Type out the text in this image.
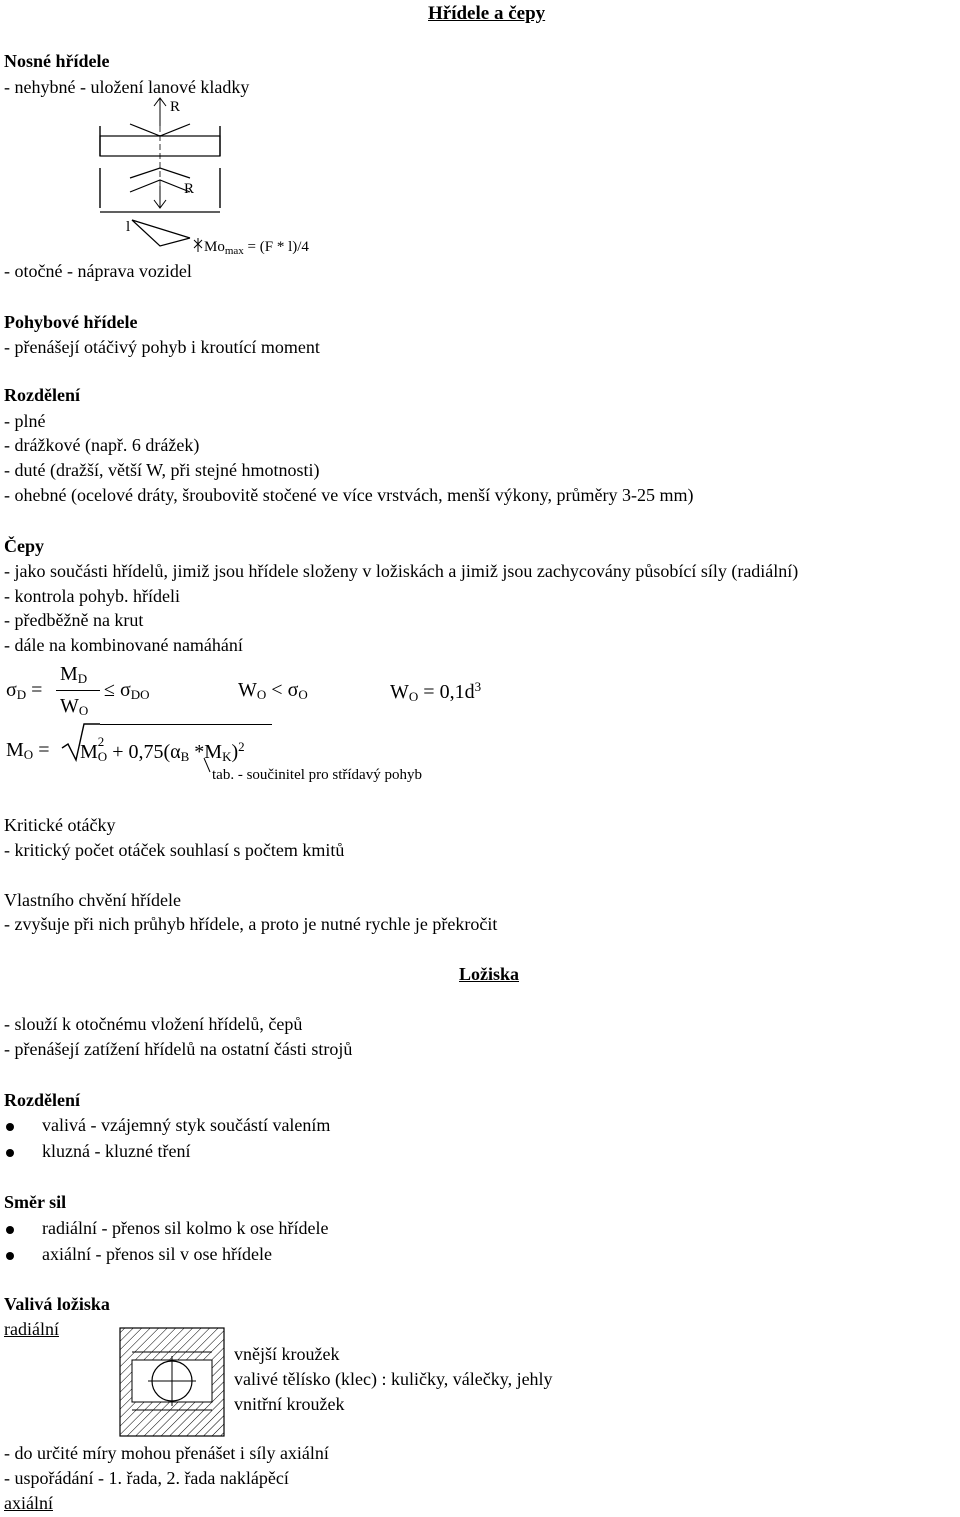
Hřídele a čepy
Nosné hřídele
- nehybné - uložení lanové kladky
R
R
l
$Mo_{max} = (F * l)/4$
- otočné - náprava vozidel
Pohybové hřídele
- přenášejí otáčivý pohyb i kroutící moment
Rozdělení
- plné
- drážkové (např. 6 drážek)
- duté (dražší, větší W, při stejné hmotnosti)
- ohebné (ocelové dráty, šroubovitě stočené ve více vrstvách, menší výkony, průměry 3-25 mm)
Čepy
- jako součásti hřídelů, jimiž jsou hřídele složeny v ložiskách a jimiž jsou zachycovány působící síly (radiální)
- kontrola pohyb. hřídeli
- předběžně na krut
- dále na kombinované namáhání
$\sigma_D$ =
$M_D$
$W_O$
≤ $\sigma_{DO}$	$W_O < \sigma_O$	$W_O = 0,1d^3$
$M_O = M$ 2
$_O + 0,75(\alpha_B$ $*M_K)^2$
tab. - součinitel pro střídavý pohyb
Kritické otáčky
- kritický počet otáček souhlasí s počtem kmitů
Vlastního chvění hřídele
- zvyšuje při nich průhyb hřídele, a proto je nutné rychle je překročit
Ložiska
- slouží k otočnému vložení hřídelů, čepů
- přenášejí zatížení hřídelů na ostatní části strojů
Rozdělení
valivá - vzájemný styk součástí valením
kluzná - kluzné tření
Směr sil
radiální - přenos sil kolmo k ose hřídele
axiální - přenos sil v ose hřídele
Valivá ložiska
radiální
vnější kroužek
valivé tělísko (klec) : kuličky, válečky, jehly
vnitřní kroužek
- do určité míry mohou přenášet i síly axiální
- uspořádání - 1. řada, 2. řada naklápěcí
axiální
